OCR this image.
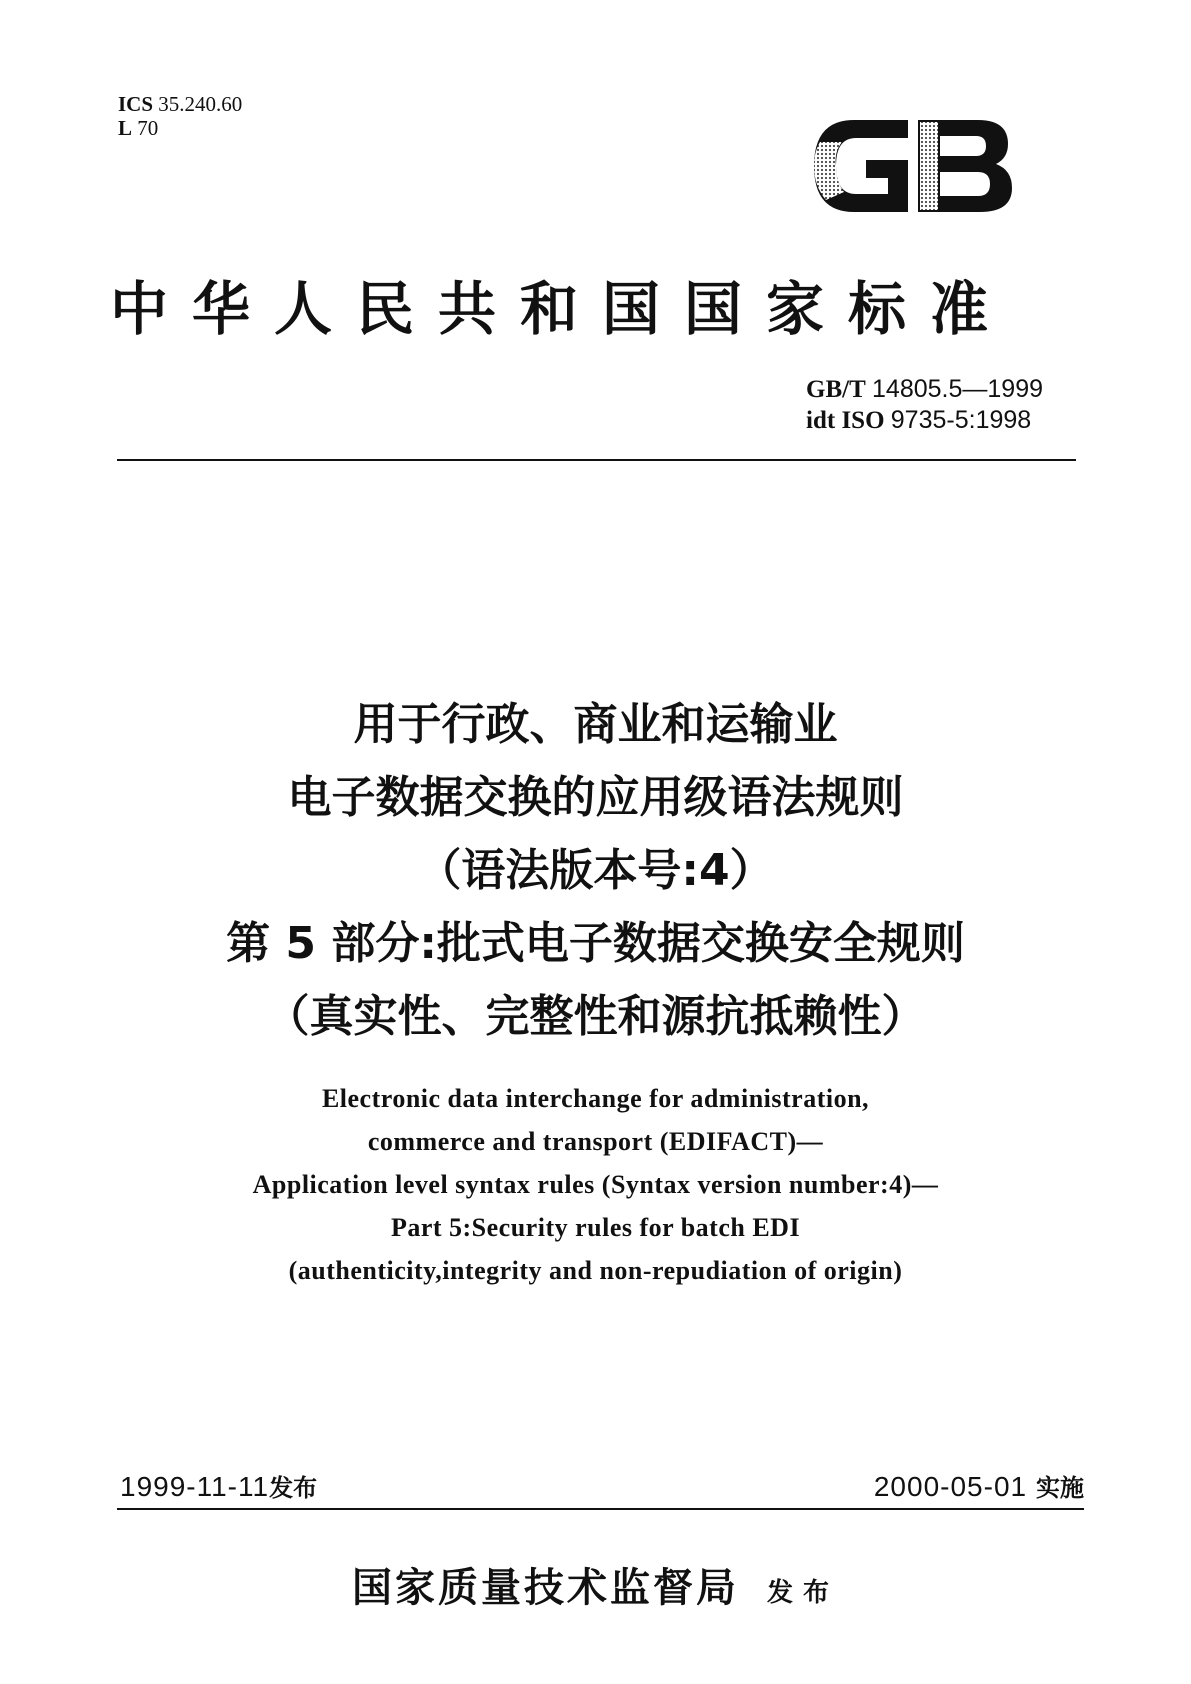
ICS 35.240.60
L 70
中华人民共和国国家标准
GB/T 14805.5—1999
idt ISO 9735-5:1998
用于行政、商业和运输业
电子数据交换的应用级语法规则
（语法版本号:4）
第 5 部分:批式电子数据交换安全规则
（真实性、完整性和源抗抵赖性）
Electronic data interchange for administration,
commerce and transport (EDIFACT)—
Application level syntax rules (Syntax version number:4)—
Part 5:Security rules for batch EDI
(authenticity,integrity and non-repudiation of origin)
1999-11-11发布	2000-05-01 实施
国家质量技术监督局 发布
